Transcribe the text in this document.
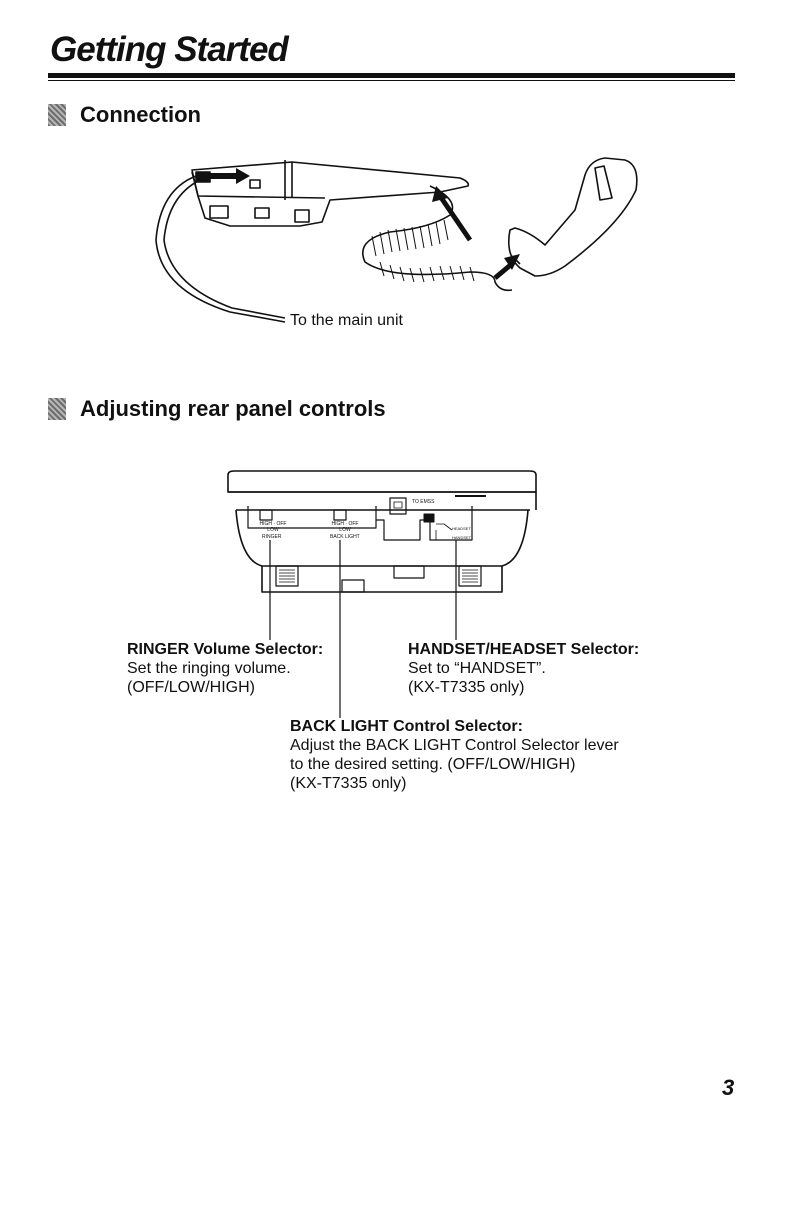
Getting Started
Connection
HIGH · OFF
LOW
RINGER
HIGH · OFF
LOW
BACK LIGHT
TO EMSS
HEADSET
HANDSET
To the main unit
Adjusting rear panel controls
RINGER Volume Selector:
Set the ringing volume.
(OFF/LOW/HIGH)
HANDSET/HEADSET Selector:
Set to “HANDSET”.
(KX-T7335 only)
BACK LIGHT Control Selector:
Adjust the BACK LIGHT Control Selector lever
to the desired setting. (OFF/LOW/HIGH)
(KX-T7335 only)
3
